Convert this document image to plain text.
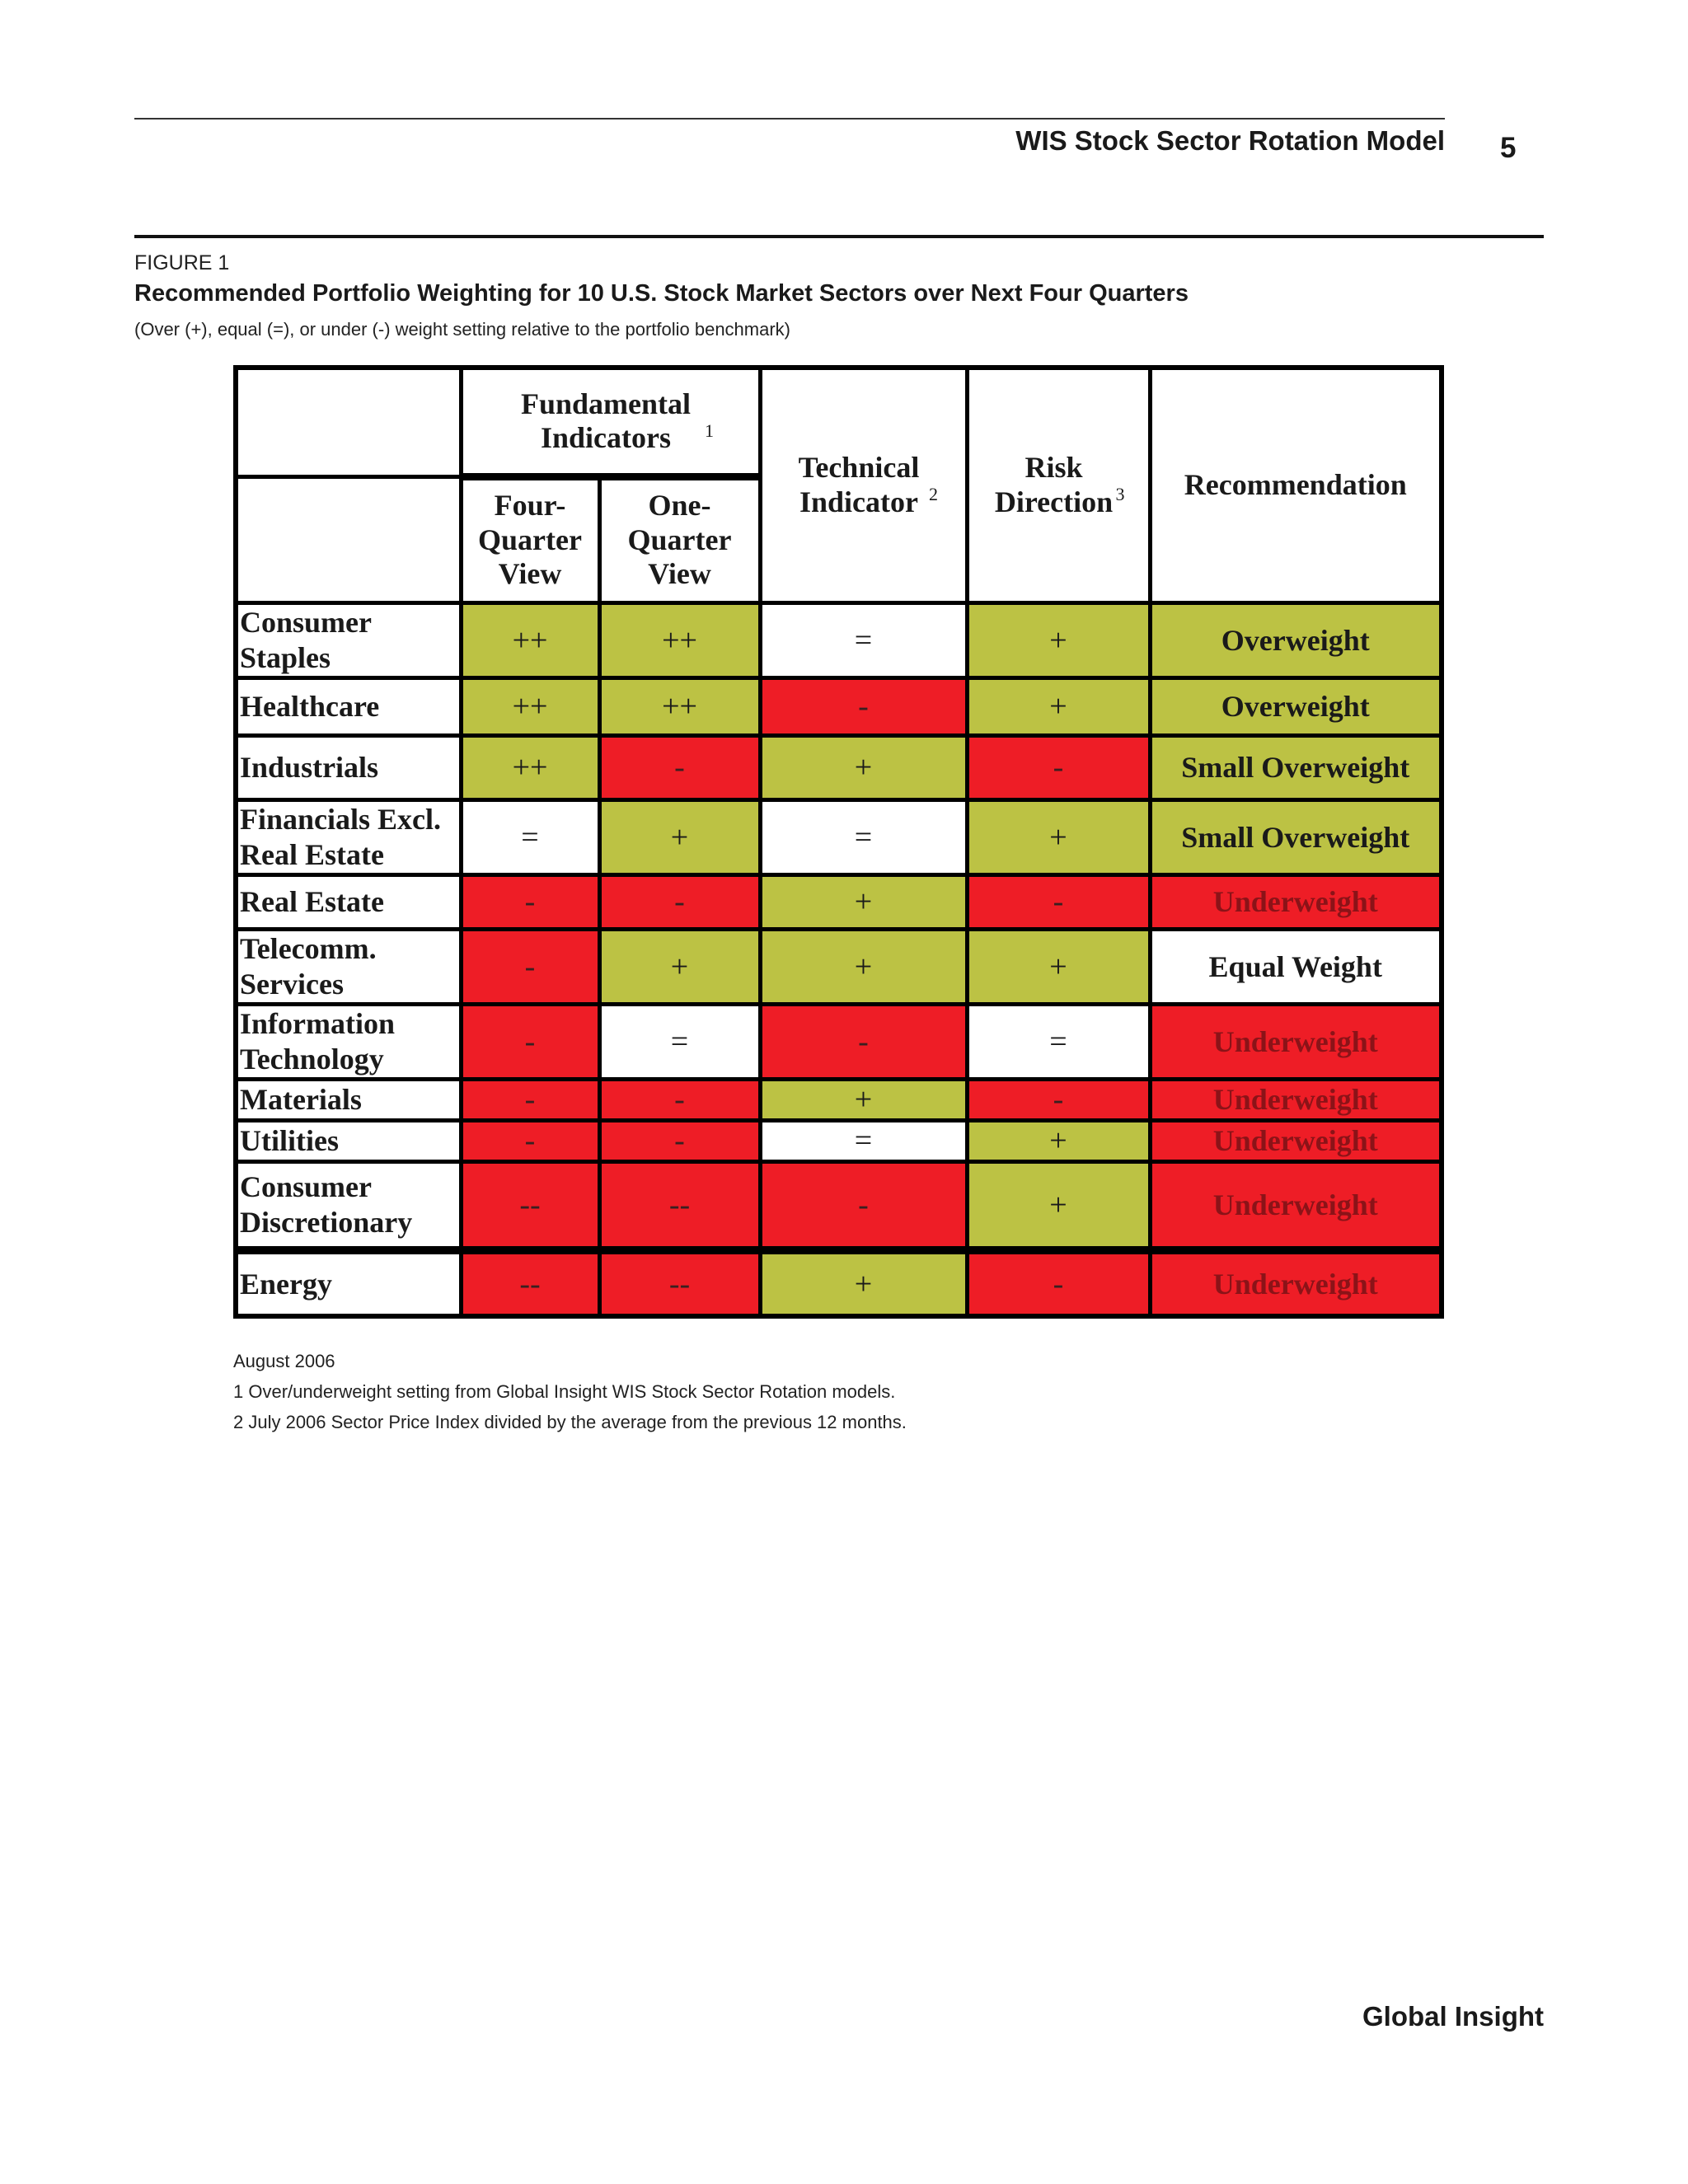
WIS Stock Sector Rotation Model 5
FIGURE 1
Recommended Portfolio Weighting for 10 U.S. Stock Market Sectors over Next Four Quarters
(Over (+), equal (=), or under (-) weight setting relative to the portfolio benchmark)
	Fundamental Indicators $^1$		Technical Indicator $^2$	Risk Direction $^3$	Recommendation
	Four-Quarter View	One-Quarter View			
Consumer Staples	++	++	=	+	Overweight
Healthcare	++	++	-	+	Overweight
Industrials	++	-	+	-	Small Overweight
Financials Excl. Real Estate	=	+	=	+	Small Overweight
Real Estate	-	-	+	-	Underweight
Telecomm. Services	-	+	+	+	Equal Weight
Information Technology	-	=	-	=	Underweight
Materials	-	-	+	-	Underweight
Utilities	-	-	=	+	Underweight
Consumer Discretionary	--	--	-	+	Underweight
Energy	--	--	+	-	Underweight
August 2006
1 Over/underweight setting from Global Insight WIS Stock Sector Rotation models.
2 July 2006 Sector Price Index divided by the average from the previous 12 months.
Global Insight
